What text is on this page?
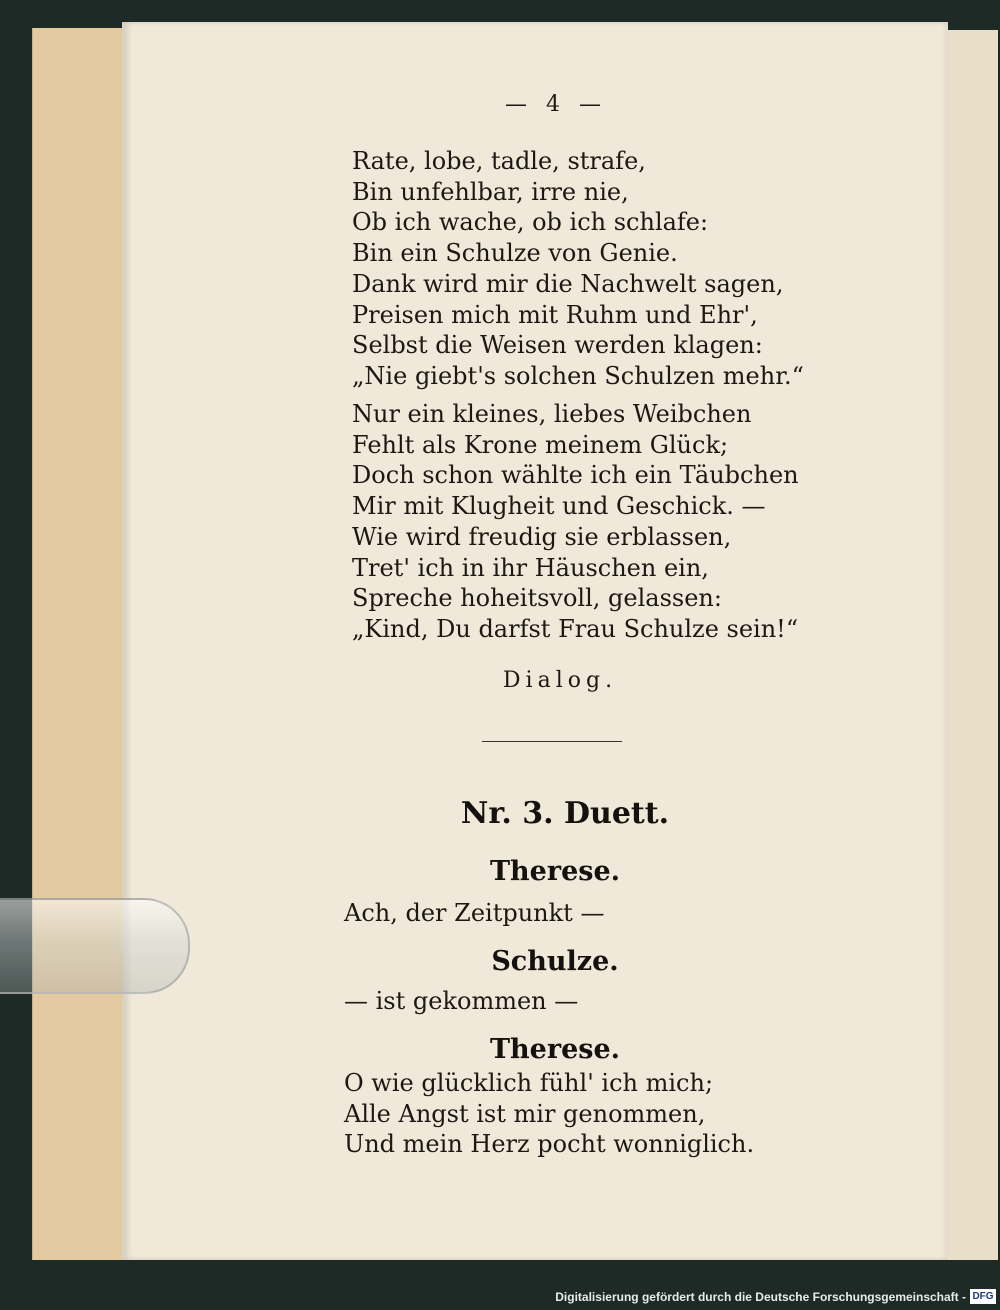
— 4 —
Rate, lobe, tadle, strafe,
Bin unfehlbar, irre nie,
Ob ich wache, ob ich schlafe:
Bin ein Schulze von Genie.
Dank wird mir die Nachwelt sagen,
Preisen mich mit Ruhm und Ehr',
Selbst die Weisen werden klagen:
„Nie giebt's solchen Schulzen mehr.“
Nur ein kleines, liebes Weibchen
Fehlt als Krone meinem Glück;
Doch schon wählte ich ein Täubchen
Mir mit Klugheit und Geschick. —
Wie wird freudig sie erblassen,
Tret' ich in ihr Häuschen ein,
Spreche hoheitsvoll, gelassen:
„Kind, Du darfst Frau Schulze sein!“
Dialog.
Nr. 3. Duett.
Therese.
Ach, der Zeitpunkt —
Schulze.
— ist gekommen —
Therese.
O wie glücklich fühl' ich mich;
Alle Angst ist mir genommen,
Und mein Herz pocht wonniglich.
Digitalisierung gefördert durch die Deutsche Forschungsgemeinschaft - DFG
